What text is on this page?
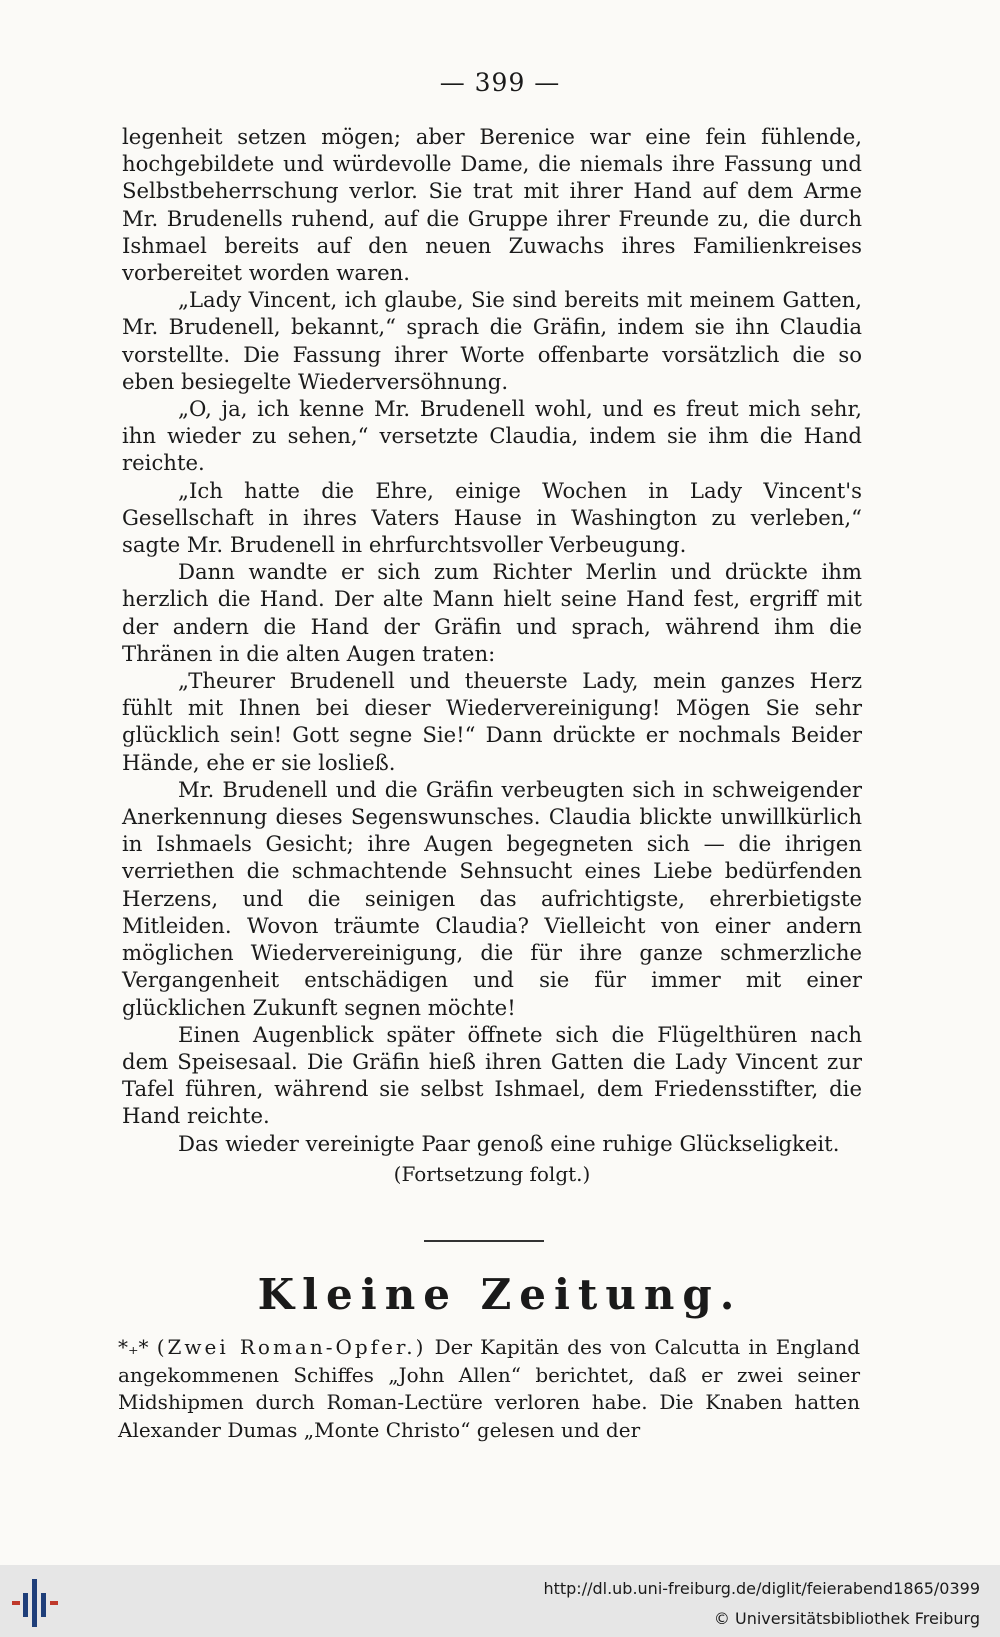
— 399 —

legenheit setzen mögen; aber Berenice war eine fein fühlende, hochgebildete und würdevolle Dame, die niemals ihre Fassung und Selbstbeherrschung verlor. Sie trat mit ihrer Hand auf dem Arme Mr. Brudenells ruhend, auf die Gruppe ihrer Freunde zu, die durch Ishmael bereits auf den neuen Zuwachs ihres Familienkreises vorbereitet worden waren.

„Lady Vincent, ich glaube, Sie sind bereits mit meinem Gatten, Mr. Brudenell, bekannt,“ sprach die Gräfin, indem sie ihn Claudia vorstellte. Die Fassung ihrer Worte offenbarte vorsätzlich die so eben besiegelte Wiederversöhnung.

„O, ja, ich kenne Mr. Brudenell wohl, und es freut mich sehr, ihn wieder zu sehen,“ versetzte Claudia, indem sie ihm die Hand reichte.

„Ich hatte die Ehre, einige Wochen in Lady Vincent's Gesellschaft in ihres Vaters Hause in Washington zu verleben,“ sagte Mr. Brudenell in ehrfurchtsvoller Verbeugung.

Dann wandte er sich zum Richter Merlin und drückte ihm herzlich die Hand. Der alte Mann hielt seine Hand fest, ergriff mit der andern die Hand der Gräfin und sprach, während ihm die Thränen in die alten Augen traten:

„Theurer Brudenell und theuerste Lady, mein ganzes Herz fühlt mit Ihnen bei dieser Wiedervereinigung! Mögen Sie sehr glücklich sein! Gott segne Sie!“ Dann drückte er nochmals Beider Hände, ehe er sie losließ.

Mr. Brudenell und die Gräfin verbeugten sich in schweigender Anerkennung dieses Segenswunsches. Claudia blickte unwillkürlich in Ishmaels Gesicht; ihre Augen begegneten sich — die ihrigen verriethen die schmachtende Sehnsucht eines Liebe bedürfenden Herzens, und die seinigen das aufrichtigste, ehrerbietigste Mitleiden. Wovon träumte Claudia? Vielleicht von einer andern möglichen Wiedervereinigung, die für ihre ganze schmerzliche Vergangenheit entschädigen und sie für immer mit einer glücklichen Zukunft segnen möchte!

Einen Augenblick später öffnete sich die Flügelthüren nach dem Speisesaal. Die Gräfin hieß ihren Gatten die Lady Vincent zur Tafel führen, während sie selbst Ishmael, dem Friedensstifter, die Hand reichte.

Das wieder vereinigte Paar genoß eine ruhige Glückseligkeit.

(Fortsetzung folgt.)
Kleine Zeitung.

*₊* (Zwei Roman-Opfer.) Der Kapitän des von Calcutta in England angekommenen Schiffes „John Allen“ berichtet, daß er zwei seiner Midshipmen durch Roman-Lectüre verloren habe. Die Knaben hatten Alexander Dumas „Monte Christo“ gelesen und der

http://dl.ub.uni-freiburg.de/diglit/feierabend1865/0399
© Universitätsbibliothek Freiburg
